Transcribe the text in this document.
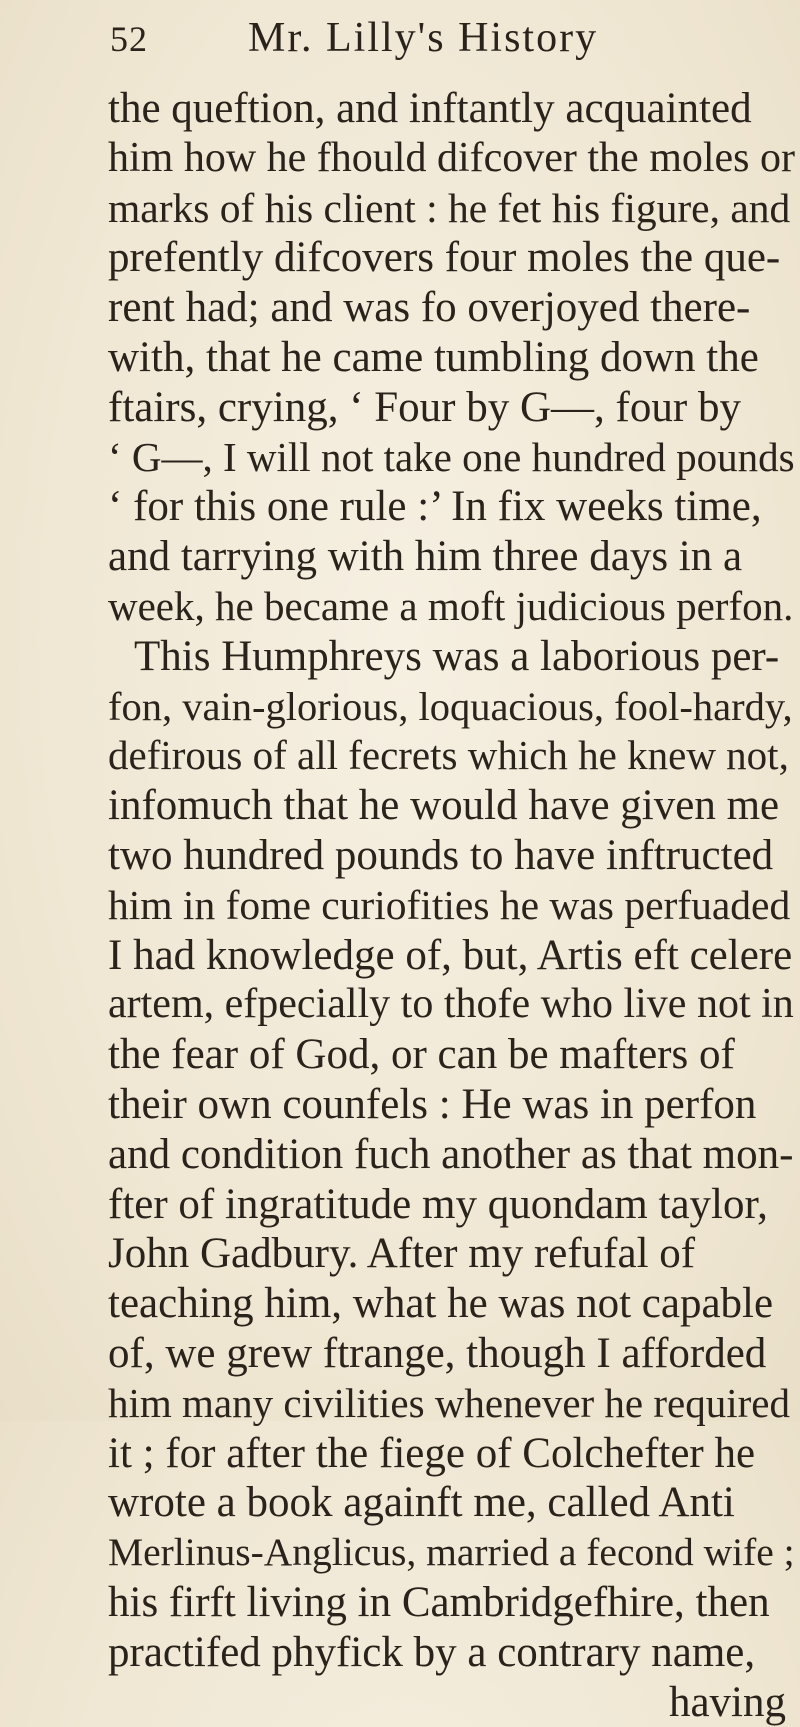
52 Mr. Lilly's History
the queftion, and inftantly acquainted
him how he fhould difcover the moles or
marks of his client : he fet his figure, and
prefently difcovers four moles the que-
rent had; and was fo overjoyed there-
with, that he came tumbling down the
ftairs, crying, ‘ Four by G—, four by
‘ G—, I will not take one hundred pounds
‘ for this one rule :’ In fix weeks time,
and tarrying with him three days in a
week, he became a moft judicious perfon.
This Humphreys was a laborious per-
fon, vain-glorious, loquacious, fool-hardy,
defirous of all fecrets which he knew not,
infomuch that he would have given me
two hundred pounds to have inftructed
him in fome curiofities he was perfuaded
I had knowledge of, but, Artis eft celere
artem, efpecially to thofe who live not in
the fear of God, or can be mafters of
their own counfels : He was in perfon
and condition fuch another as that mon-
fter of ingratitude my quondam taylor,
John Gadbury. After my refufal of
teaching him, what he was not capable
of, we grew ftrange, though I afforded
him many civilities whenever he required
it ; for after the fiege of Colchefter he
wrote a book againft me, called Anti
Merlinus-Anglicus, married a fecond wife ;
his firft living in Cambridgefhire, then
practifed phyfick by a contrary name,
having
